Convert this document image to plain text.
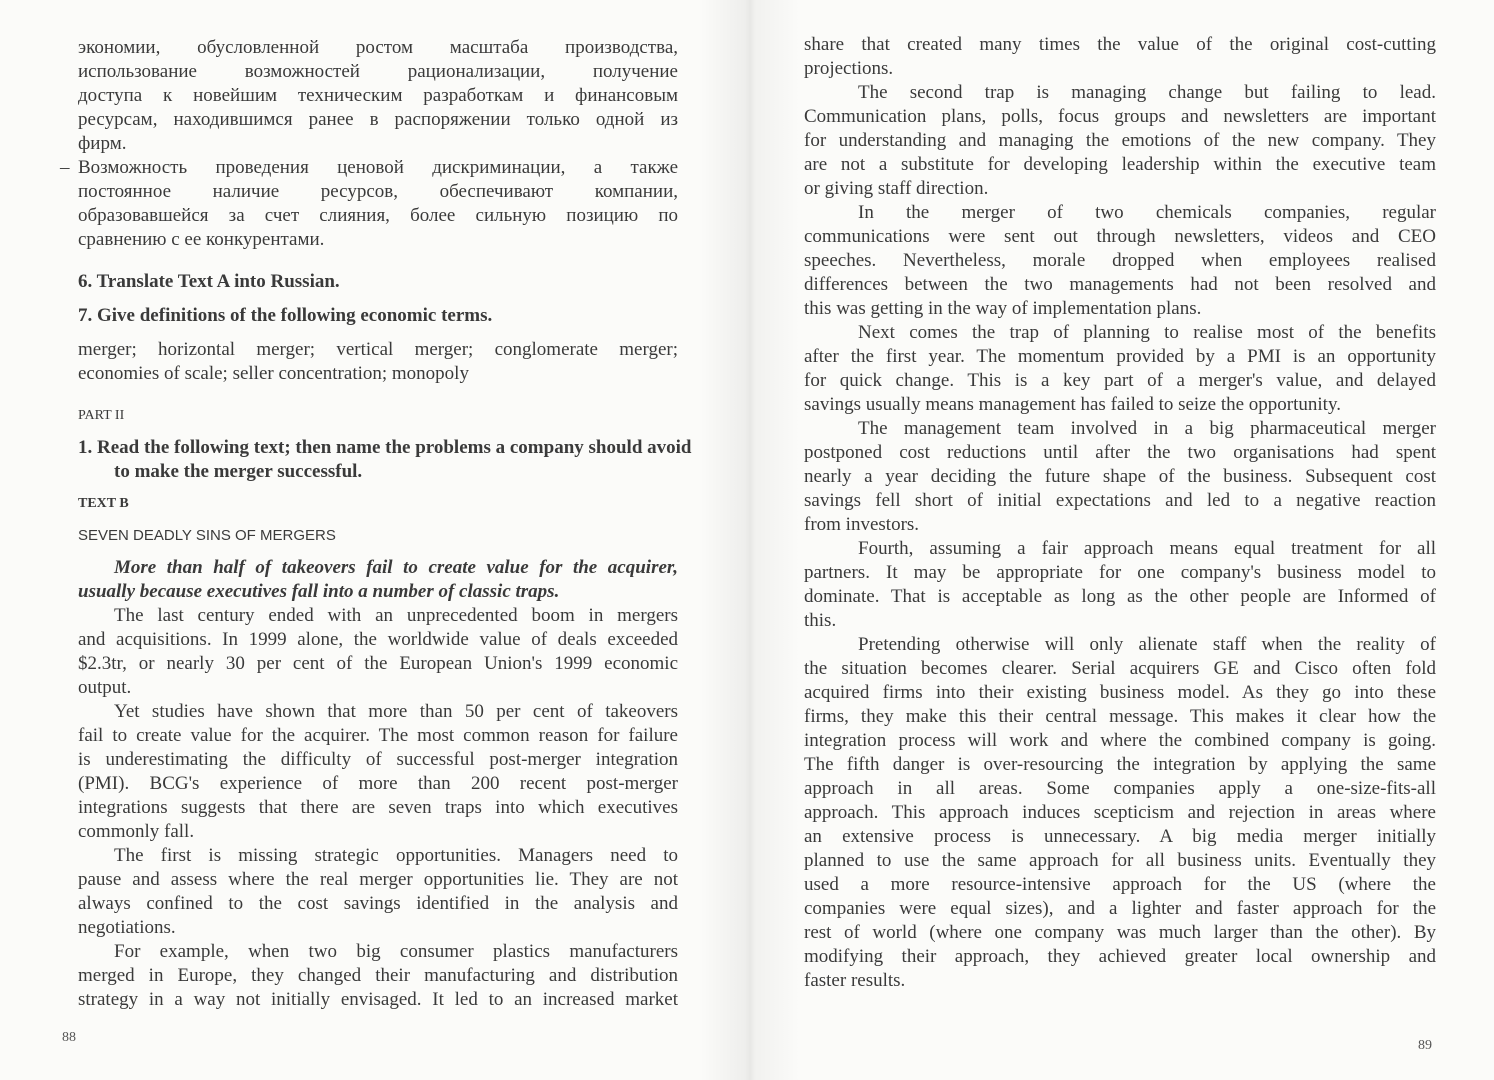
экономии, обусловленной ростом масштаба производства,
использование возможностей рационализации, получение
доступа к новейшим техническим разработкам и финансовым
ресурсам, находившимся ранее в распоряжении только одной из
фирм.
– Возможность проведения ценовой дискриминации, а также
постоянное наличие ресурсов, обеспечивают компании,
образовавшейся за счет слияния, более сильную позицию по
сравнению с ее конкурентами.
6. Translate Text A into Russian.
7. Give definitions of the following economic terms.
merger; horizontal merger; vertical merger; conglomerate merger;
economies of scale; seller concentration; monopoly
PART II
1. Read the following text; then name the problems a company should avoid
to make the merger successful.
TEXT B
SEVEN DEADLY SINS OF MERGERS
More than half of takeovers fail to create value for the acquirer,
usually because executives fall into a number of classic traps.
The last century ended with an unprecedented boom in mergers
and acquisitions. In 1999 alone, the worldwide value of deals exceeded
$2.3tr, or nearly 30 per cent of the European Union's 1999 economic
output.
Yet studies have shown that more than 50 per cent of takeovers
fail to create value for the acquirer. The most common reason for failure
is underestimating the difficulty of successful post-merger integration
(PMI). BCG's experience of more than 200 recent post-merger
integrations suggests that there are seven traps into which executives
commonly fall.
The first is missing strategic opportunities. Managers need to
pause and assess where the real merger opportunities lie. They are not
always confined to the cost savings identified in the analysis and
negotiations.
For example, when two big consumer plastics manufacturers
merged in Europe, they changed their manufacturing and distribution
strategy in a way not initially envisaged. It led to an increased market
share that created many times the value of the original cost-cutting
projections.
The second trap is managing change but failing to lead.
Communication plans, polls, focus groups and newsletters are important
for understanding and managing the emotions of the new company. They
are not a substitute for developing leadership within the executive team
or giving staff direction.
In the merger of two chemicals companies, regular
communications were sent out through newsletters, videos and CEO
speeches. Nevertheless, morale dropped when employees realised
differences between the two managements had not been resolved and
this was getting in the way of implementation plans.
Next comes the trap of planning to realise most of the benefits
after the first year. The momentum provided by a PMI is an opportunity
for quick change. This is a key part of a merger's value, and delayed
savings usually means management has failed to seize the opportunity.
The management team involved in a big pharmaceutical merger
postponed cost reductions until after the two organisations had spent
nearly a year deciding the future shape of the business. Subsequent cost
savings fell short of initial expectations and led to a negative reaction
from investors.
Fourth, assuming a fair approach means equal treatment for all
partners. It may be appropriate for one company's business model to
dominate. That is acceptable as long as the other people are Informed of
this.
Pretending otherwise will only alienate staff when the reality of
the situation becomes clearer. Serial acquirers GE and Cisco often fold
acquired firms into their existing business model. As they go into these
firms, they make this their central message. This makes it clear how the
integration process will work and where the combined company is going.
The fifth danger is over-resourcing the integration by applying the same
approach in all areas. Some companies apply a one-size-fits-all
approach. This approach induces scepticism and rejection in areas where
an extensive process is unnecessary. A big media merger initially
planned to use the same approach for all business units. Eventually they
used a more resource-intensive approach for the US (where the
companies were equal sizes), and a lighter and faster approach for the
rest of world (where one company was much larger than the other). By
modifying their approach, they achieved greater local ownership and
faster results.
88
89
